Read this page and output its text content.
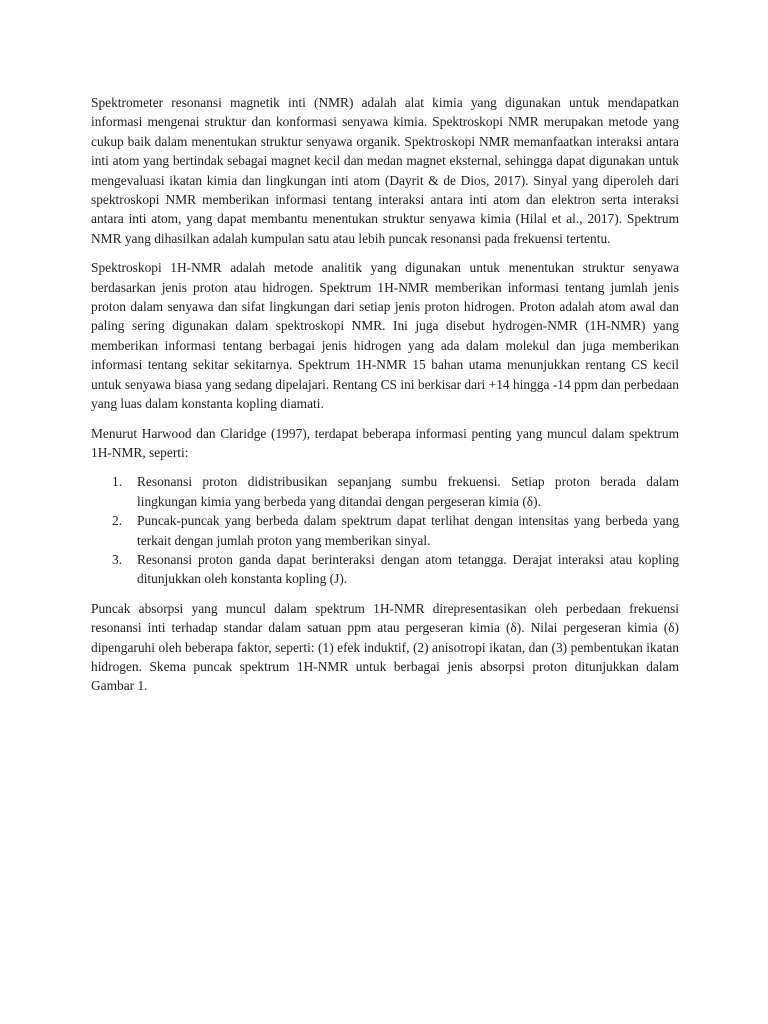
Spektrometer resonansi magnetik inti (NMR) adalah alat kimia yang digunakan untuk mendapatkan informasi mengenai struktur dan konformasi senyawa kimia. Spektroskopi NMR merupakan metode yang cukup baik dalam menentukan struktur senyawa organik. Spektroskopi NMR memanfaatkan interaksi antara inti atom yang bertindak sebagai magnet kecil dan medan magnet eksternal, sehingga dapat digunakan untuk mengevaluasi ikatan kimia dan lingkungan inti atom (Dayrit & de Dios, 2017). Sinyal yang diperoleh dari spektroskopi NMR memberikan informasi tentang interaksi antara inti atom dan elektron serta interaksi antara inti atom, yang dapat membantu menentukan struktur senyawa kimia (Hilal et al., 2017). Spektrum NMR yang dihasilkan adalah kumpulan satu atau lebih puncak resonansi pada frekuensi tertentu.

Spektroskopi 1H-NMR adalah metode analitik yang digunakan untuk menentukan struktur senyawa berdasarkan jenis proton atau hidrogen. Spektrum 1H-NMR memberikan informasi tentang jumlah jenis proton dalam senyawa dan sifat lingkungan dari setiap jenis proton hidrogen. Proton adalah atom awal dan paling sering digunakan dalam spektroskopi NMR. Ini juga disebut hydrogen-NMR (1H-NMR) yang memberikan informasi tentang berbagai jenis hidrogen yang ada dalam molekul dan juga memberikan informasi tentang sekitar sekitarnya. Spektrum 1H-NMR 15 bahan utama menunjukkan rentang CS kecil untuk senyawa biasa yang sedang dipelajari. Rentang CS ini berkisar dari +14 hingga -14 ppm dan perbedaan yang luas dalam konstanta kopling diamati.

Menurut Harwood dan Claridge (1997), terdapat beberapa informasi penting yang muncul dalam spektrum 1H-NMR, seperti:

1. Resonansi proton didistribusikan sepanjang sumbu frekuensi. Setiap proton berada dalam lingkungan kimia yang berbeda yang ditandai dengan pergeseran kimia (δ).
2. Puncak-puncak yang berbeda dalam spektrum dapat terlihat dengan intensitas yang berbeda yang terkait dengan jumlah proton yang memberikan sinyal.
3. Resonansi proton ganda dapat berinteraksi dengan atom tetangga. Derajat interaksi atau kopling ditunjukkan oleh konstanta kopling (J).

Puncak absorpsi yang muncul dalam spektrum 1H-NMR direpresentasikan oleh perbedaan frekuensi resonansi inti terhadap standar dalam satuan ppm atau pergeseran kimia (δ). Nilai pergeseran kimia (δ) dipengaruhi oleh beberapa faktor, seperti: (1) efek induktif, (2) anisotropi ikatan, dan (3) pembentukan ikatan hidrogen. Skema puncak spektrum 1H-NMR untuk berbagai jenis absorpsi proton ditunjukkan dalam Gambar 1.
